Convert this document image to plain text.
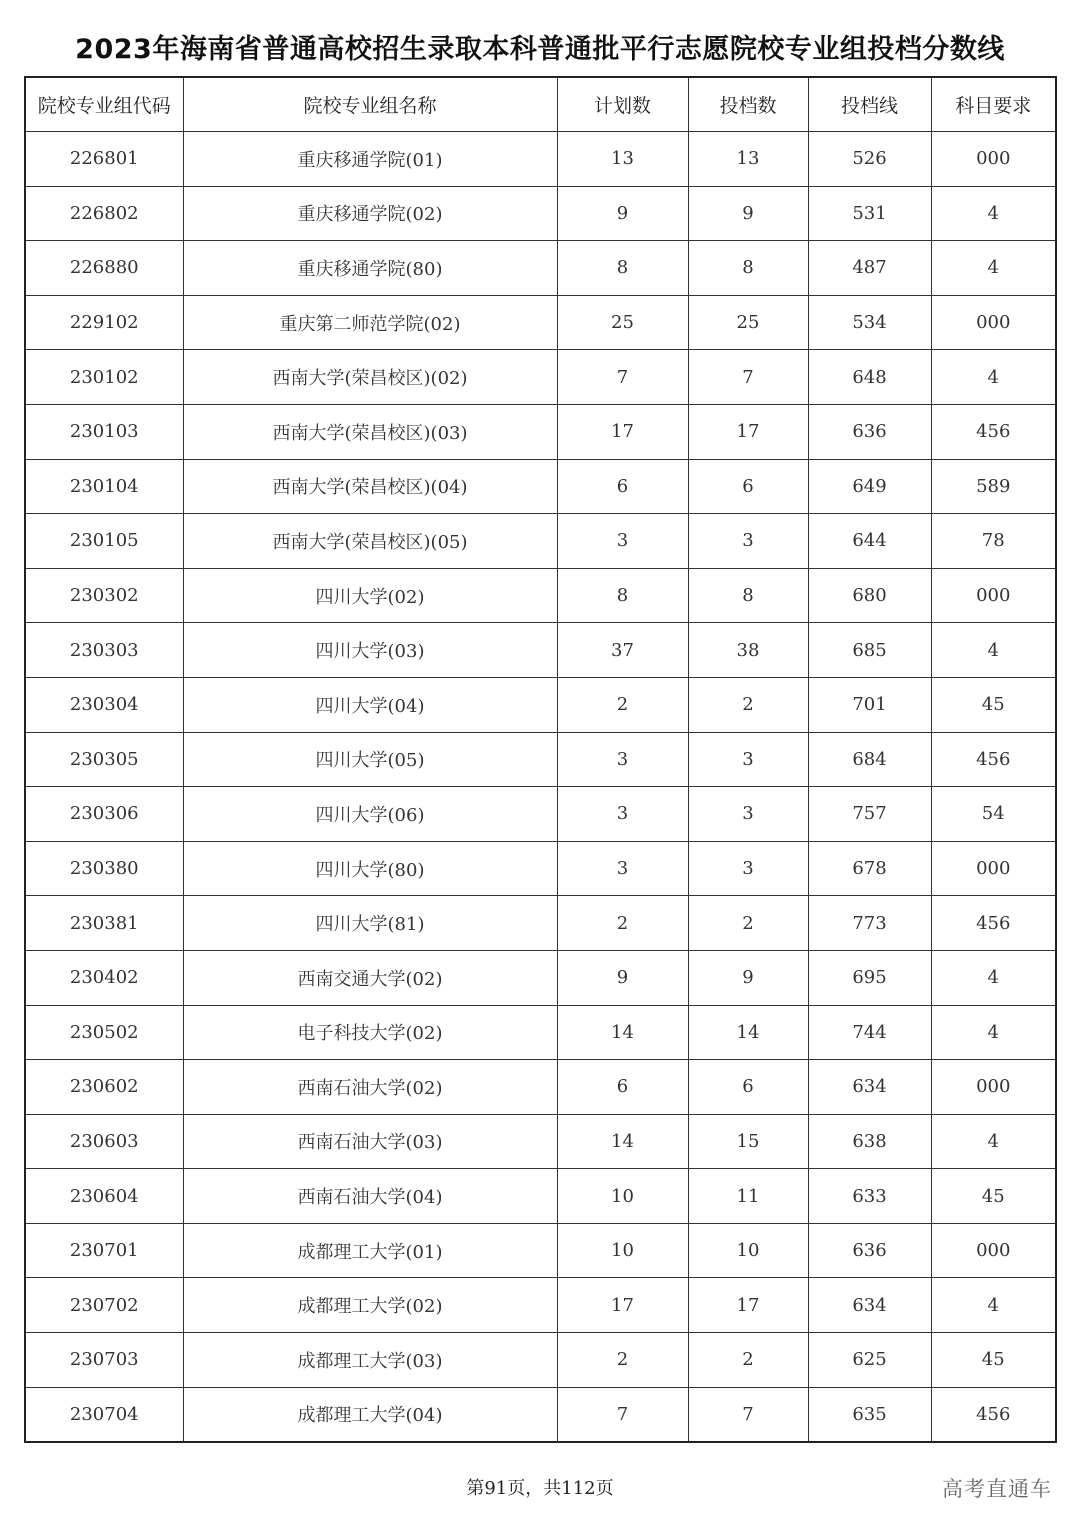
2023年海南省普通高校招生录取本科普通批平行志愿院校专业组投档分数线
院校专业组代码	院校专业组名称	计划数	投档数	投档线	科目要求
226801	重庆移通学院(01)	13	13	526	000
226802	重庆移通学院(02)	9	9	531	4
226880	重庆移通学院(80)	8	8	487	4
229102	重庆第二师范学院(02)	25	25	534	000
230102	西南大学(荣昌校区)(02)	7	7	648	4
230103	西南大学(荣昌校区)(03)	17	17	636	456
230104	西南大学(荣昌校区)(04)	6	6	649	589
230105	西南大学(荣昌校区)(05)	3	3	644	78
230302	四川大学(02)	8	8	680	000
230303	四川大学(03)	37	38	685	4
230304	四川大学(04)	2	2	701	45
230305	四川大学(05)	3	3	684	456
230306	四川大学(06)	3	3	757	54
230380	四川大学(80)	3	3	678	000
230381	四川大学(81)	2	2	773	456
230402	西南交通大学(02)	9	9	695	4
230502	电子科技大学(02)	14	14	744	4
230602	西南石油大学(02)	6	6	634	000
230603	西南石油大学(03)	14	15	638	4
230604	西南石油大学(04)	10	11	633	45
230701	成都理工大学(01)	10	10	636	000
230702	成都理工大学(02)	17	17	634	4
230703	成都理工大学(03)	2	2	625	45
230704	成都理工大学(04)	7	7	635	456
第91页，共112页	高考直通车
